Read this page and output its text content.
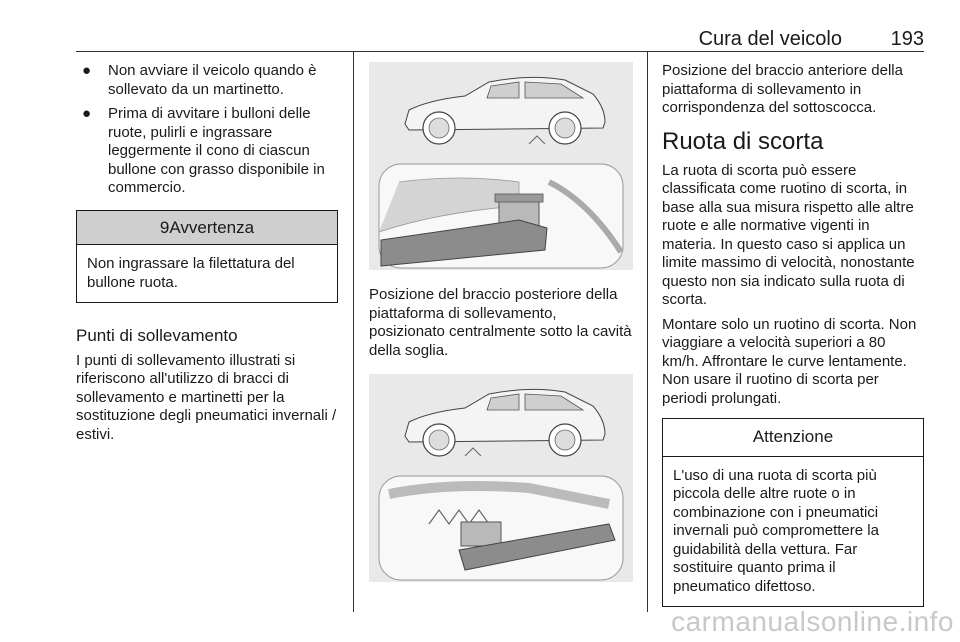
Cura del veicolo 193
● Non avviare il veicolo quando è sollevato da un martinetto.
● Prima di avvitare i bulloni delle ruote, pulirli e ingrassare leggermente il cono di ciascun bullone con grasso disponibile in commercio.
9Avvertenza
Non ingrassare la filettatura del bullone ruota.
Punti di sollevamento

I punti di sollevamento illustrati si riferiscono all'utilizzo di bracci di sollevamento e martinetti per la sostituzione degli pneumatici invernali / estivi.

Posizione del braccio posteriore della piattaforma di sollevamento, posizionato centralmente sotto la cavità della soglia.

Posizione del braccio anteriore della piattaforma di sollevamento in corrispondenza del sottoscocca.

Ruota di scorta

La ruota di scorta può essere classificata come ruotino di scorta, in base alla sua misura rispetto alle altre ruote e alle normative vigenti in materia. In questo caso si applica un limite massimo di velocità, nonostante questo non sia indicato sulla ruota di scorta.

Montare solo un ruotino di scorta. Non viaggiare a velocità superiori a 80 km/h. Affrontare le curve lentamente. Non usare il ruotino di scorta per periodi prolungati.

Attenzione
L'uso di una ruota di scorta più piccola delle altre ruote o in combinazione con i pneumatici invernali può compromettere la guidabilità della vettura. Far sostituire quanto prima il pneumatico difettoso.
carmanualsonline.info
